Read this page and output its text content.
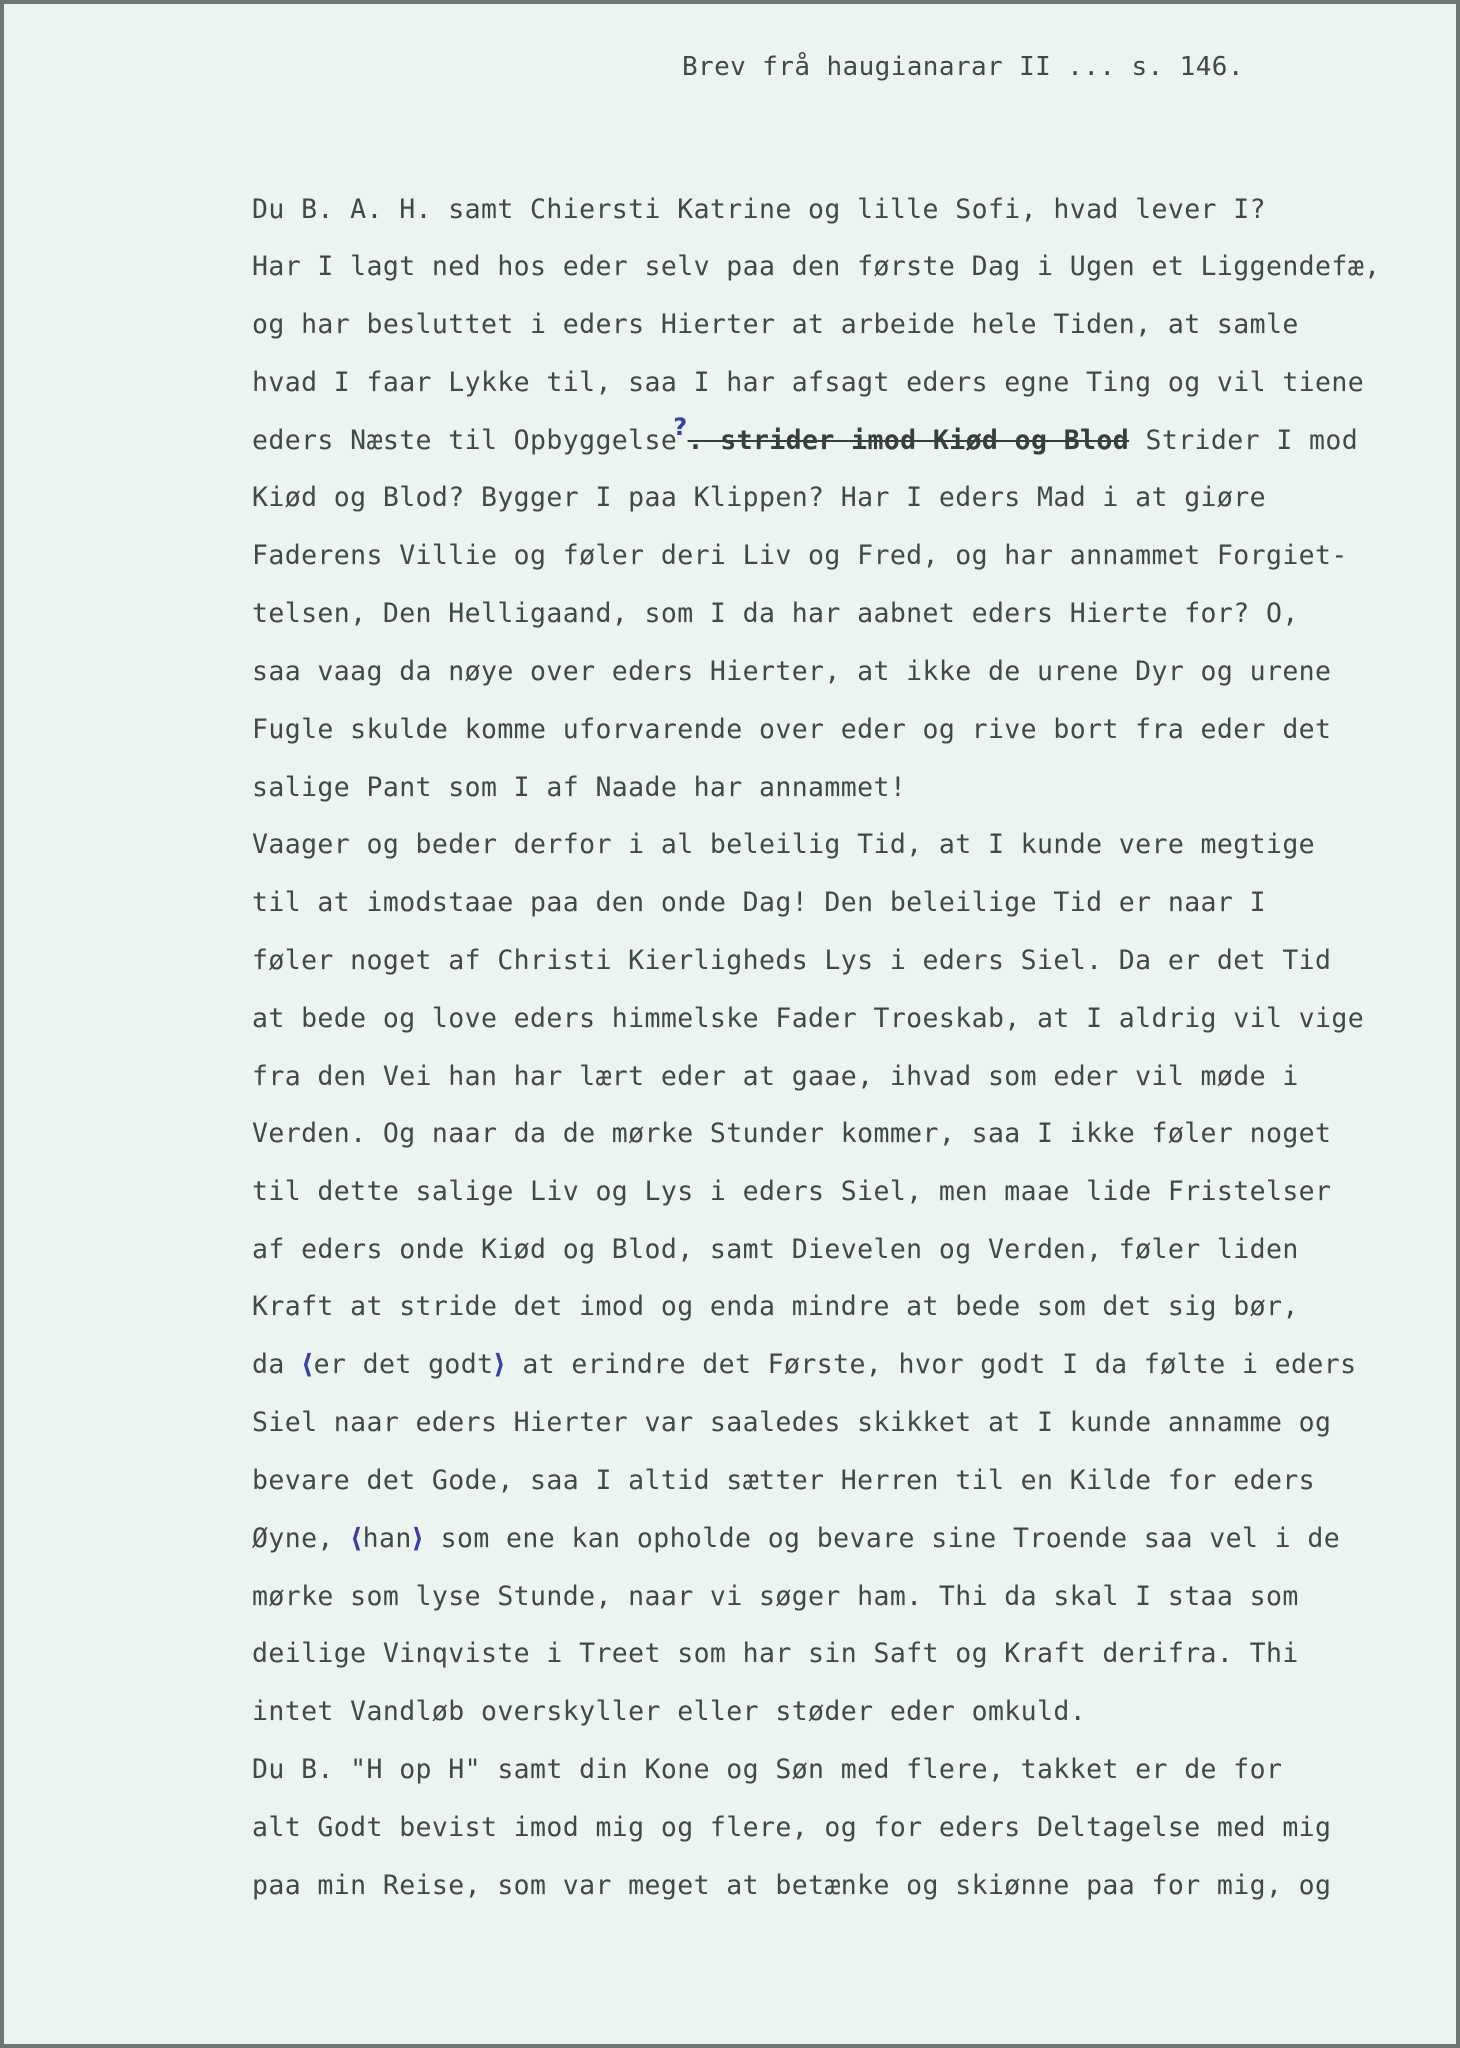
Brev frå haugianarar II ... s. 146.
Du B. A. H. samt Chiersti Katrine og lille Sofi, hvad lever I?
Har I lagt ned hos eder selv paa den første Dag i Ugen et Liggendefæ,
og har besluttet i eders Hierter at arbeide hele Tiden, at samle
hvad I faar Lykke til, saa I har afsagt eders egne Ting og vil tiene
eders Næste til Opbyggelse?. strider imod Kiød og Blod Strider I mod
Kiød og Blod? Bygger I paa Klippen? Har I eders Mad i at giøre
Faderens Villie og føler deri Liv og Fred, og har annammet Forgiet-
telsen, Den Helligaand, som I da har aabnet eders Hierte for? O,
saa vaag da nøye over eders Hierter, at ikke de urene Dyr og urene
Fugle skulde komme uforvarende over eder og rive bort fra eder det
salige Pant som I af Naade har annammet!
Vaager og beder derfor i al beleilig Tid, at I kunde vere megtige
til at imodstaae paa den onde Dag! Den beleilige Tid er naar I
føler noget af Christi Kierligheds Lys i eders Siel. Da er det Tid
at bede og love eders himmelske Fader Troeskab, at I aldrig vil vige
fra den Vei han har lært eder at gaae, ihvad som eder vil møde i
Verden. Og naar da de mørke Stunder kommer, saa I ikke føler noget
til dette salige Liv og Lys i eders Siel, men maae lide Fristelser
af eders onde Kiød og Blod, samt Dievelen og Verden, føler liden
Kraft at stride det imod og enda mindre at bede som det sig bør,
da ⟨er det godt⟩ at erindre det Første, hvor godt I da følte i eders
Siel naar eders Hierter var saaledes skikket at I kunde annamme og
bevare det Gode, saa I altid sætter Herren til en Kilde for eders
Øyne, ⟨han⟩ som ene kan opholde og bevare sine Troende saa vel i de
mørke som lyse Stunde, naar vi søger ham. Thi da skal I staa som
deilige Vinqviste i Treet som har sin Saft og Kraft derifra. Thi
intet Vandløb overskyller eller støder eder omkuld.
Du B. "H op H" samt din Kone og Søn med flere, takket er de for
alt Godt bevist imod mig og flere, og for eders Deltagelse med mig
paa min Reise, som var meget at betænke og skiønne paa for mig, og
